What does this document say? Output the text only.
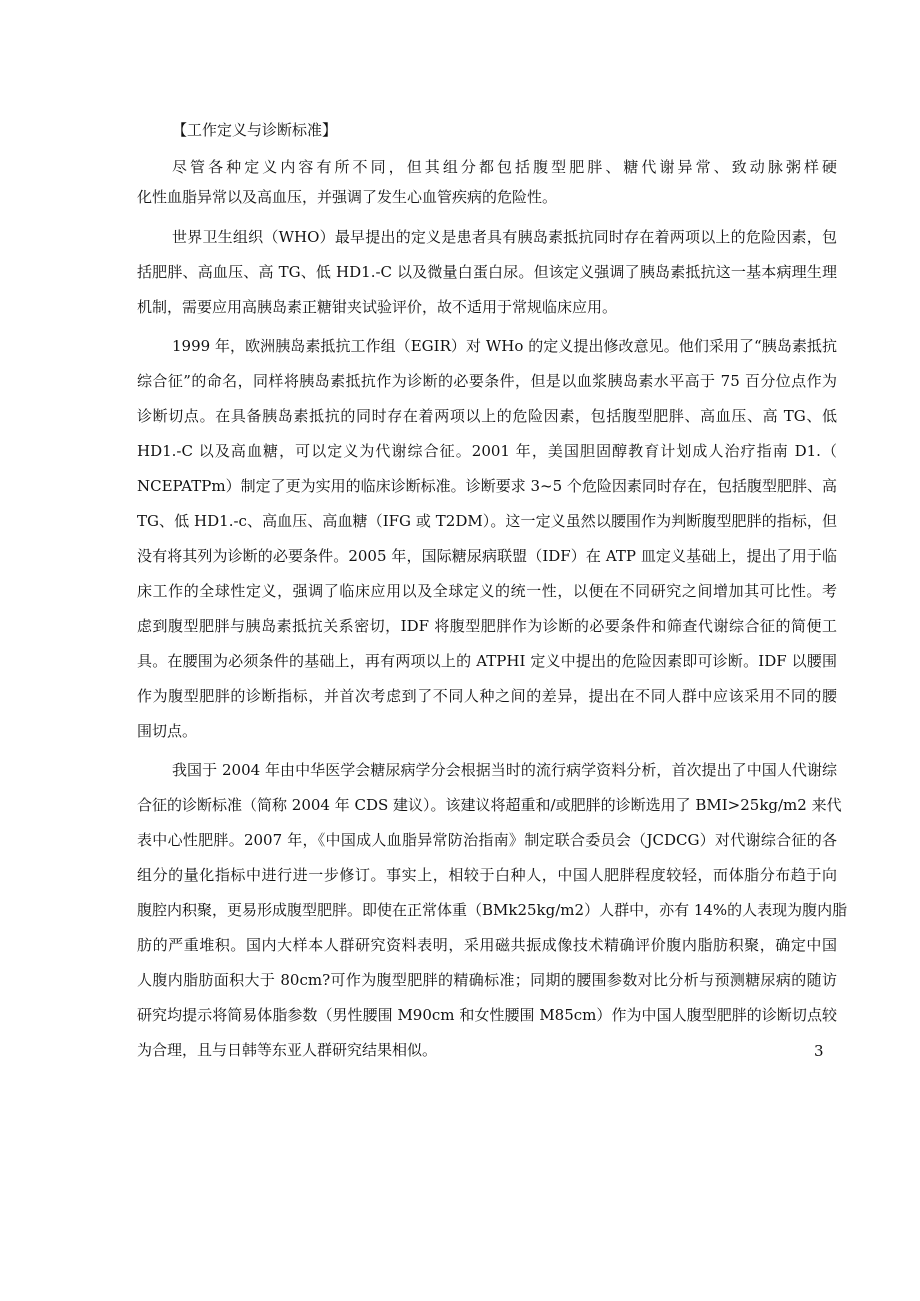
【工作定义与诊断标准】
尽管各种定义内容有所不同，但其组分都包括腹型肥胖、糖代谢异常、致动脉粥样硬
化性血脂异常以及高血压，并强调了发生心血管疾病的危险性。
世界卫生组织（WHO）最早提出的定义是患者具有胰岛素抵抗同时存在着两项以上的危险因素，包
括肥胖、高血压、高 TG、低 HD1.-C 以及微量白蛋白尿。但该定义强调了胰岛素抵抗这一基本病理生理
机制，需要应用高胰岛素正糖钳夹试验评价，故不适用于常规临床应用。
1999 年，欧洲胰岛素抵抗工作组（EGIR）对 WHo 的定义提出修改意见。他们采用了“胰岛素抵抗
综合征”的命名，同样将胰岛素抵抗作为诊断的必要条件，但是以血浆胰岛素水平高于 75 百分位点作为
诊断切点。在具备胰岛素抵抗的同时存在着两项以上的危险因素，包括腹型肥胖、高血压、高 TG、低
HD1.-C 以及高血糖，可以定义为代谢综合征。2001 年，美国胆固醇教育计划成人治疗指南 D1.（
NCEPATPm）制定了更为实用的临床诊断标准。诊断要求 3~5 个危险因素同时存在，包括腹型肥胖、高
TG、低 HD1.-c、高血压、高血糖（IFG 或 T2DM）。这一定义虽然以腰围作为判断腹型肥胖的指标，但
没有将其列为诊断的必要条件。2005 年，国际糖尿病联盟（IDF）在 ATP 皿定义基础上，提出了用于临
床工作的全球性定义，强调了临床应用以及全球定义的统一性，以便在不同研究之间增加其可比性。考
虑到腹型肥胖与胰岛素抵抗关系密切，IDF 将腹型肥胖作为诊断的必要条件和筛查代谢综合征的简便工
具。在腰围为必须条件的基础上，再有两项以上的 ATPHI 定义中提出的危险因素即可诊断。IDF 以腰围
作为腹型肥胖的诊断指标，并首次考虑到了不同人种之间的差异，提出在不同人群中应该采用不同的腰
围切点。
我国于 2004 年由中华医学会糖尿病学分会根据当时的流行病学资料分析，首次提出了中国人代谢综
合征的诊断标准（简称 2004 年 CDS 建议）。该建议将超重和/或肥胖的诊断选用了 BMI>25kg∕m2 来代
表中心性肥胖。2007 年，《中国成人血脂异常防治指南》制定联合委员会（JCDCG）对代谢综合征的各
组分的量化指标中进行进一步修订。事实上，相较于白种人，中国人肥胖程度较轻，而体脂分布趋于向
腹腔内积聚，更易形成腹型肥胖。即使在正常体重（BMk25kg∕m2）人群中，亦有 14%的人表现为腹内脂
肪的严重堆积。国内大样本人群研究资料表明，采用磁共振成像技术精确评价腹内脂肪积聚，确定中国
人腹内脂肪面积大于 80cm?可作为腹型肥胖的精确标准；同期的腰围参数对比分析与预测糖尿病的随访
研究均提示将简易体脂参数（男性腰围 M90cm 和女性腰围 M85cm）作为中国人腹型肥胖的诊断切点较
为合理，且与日韩等东亚人群研究结果相似。	3
